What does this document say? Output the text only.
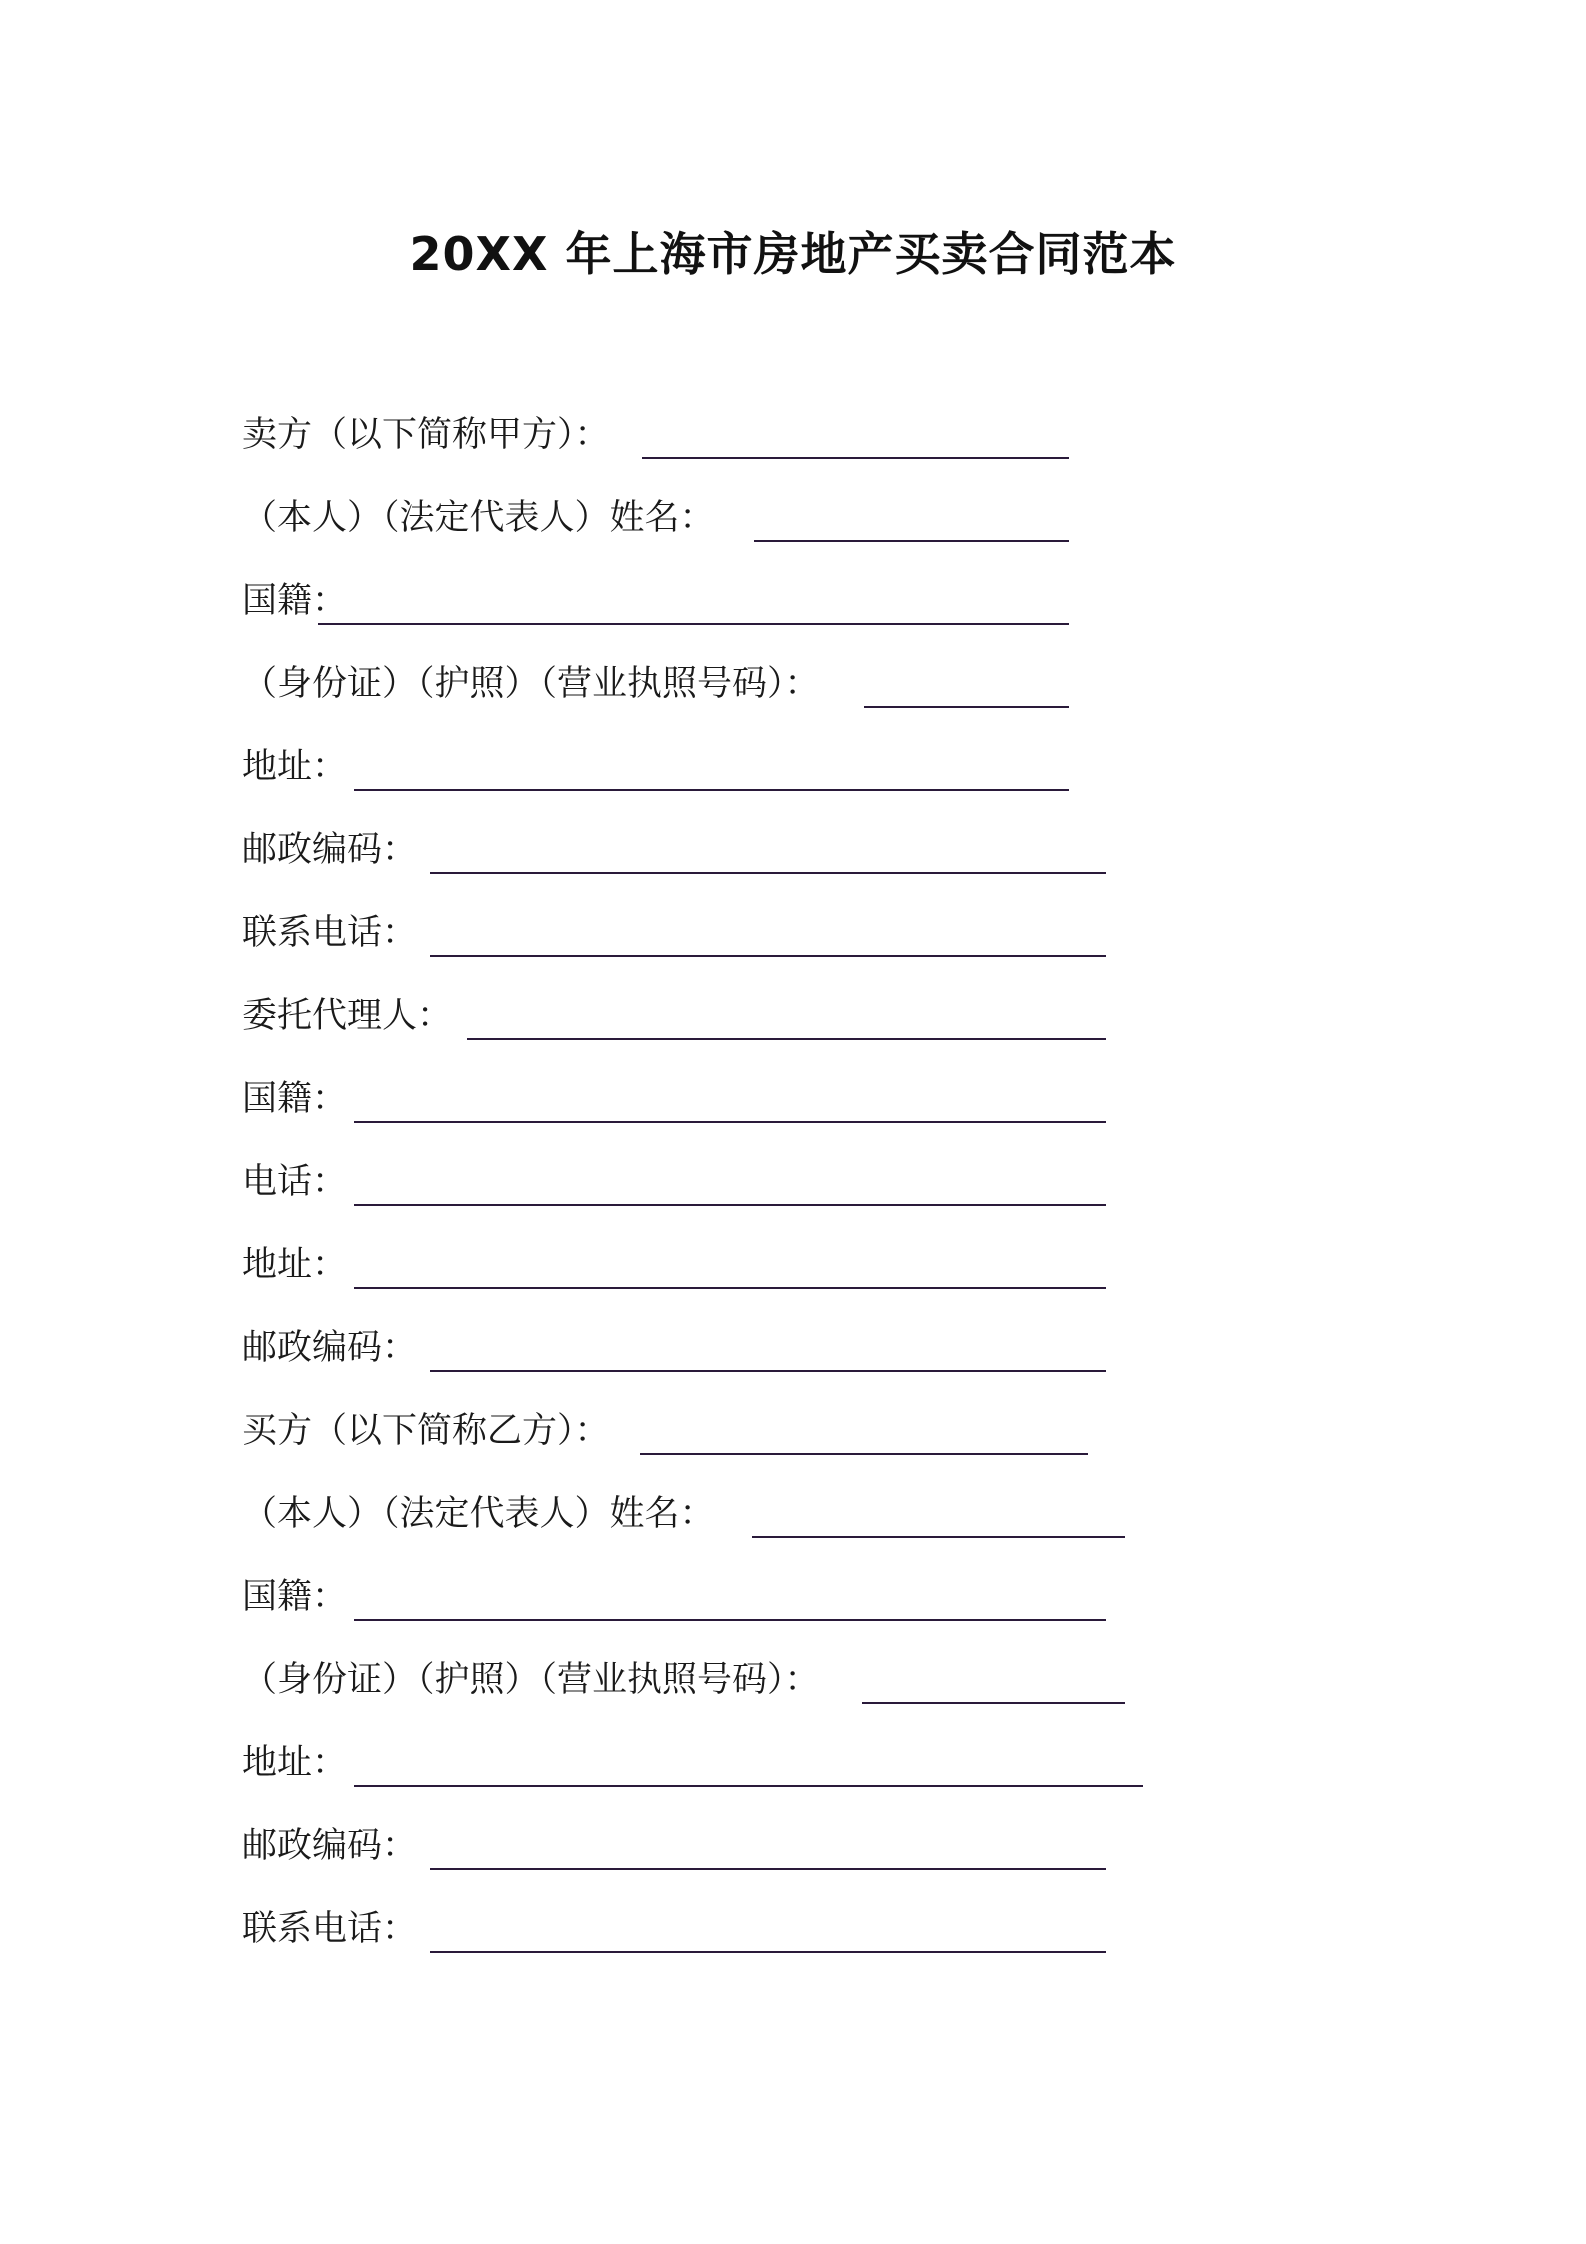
20XX 年上海市房地产买卖合同范本
卖方（以下简称甲方）：
（本人）（法定代表人）姓名：
国籍：
（身份证）（护照）（营业执照号码）：
地址：
邮政编码：
联系电话：
委托代理人：
国籍：
电话：
地址：
邮政编码：
买方（以下简称乙方）：
（本人）（法定代表人）姓名：
国籍：
（身份证）（护照）（营业执照号码）：
地址：
邮政编码：
联系电话：
